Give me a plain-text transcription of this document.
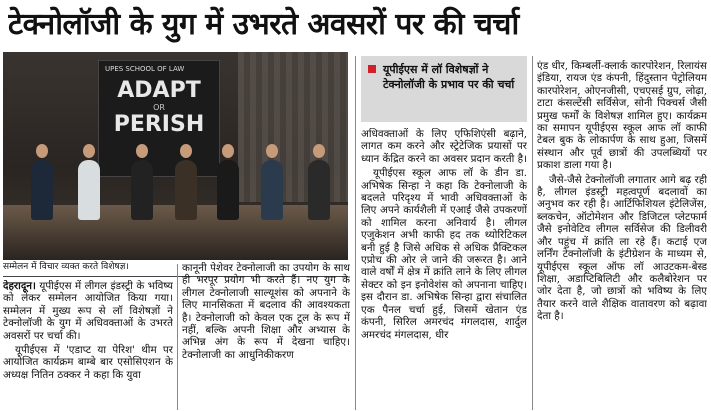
टेक्नोलॉजी के युग में उभरते अवसरों पर की चर्चा
UPES SCHOOL OF LAW
ADAPT
OR
PERISH
सम्मेलन में विचार व्यक्त करते विशेषज्ञ।

देहरादून। यूपीईएस में लीगल इंडस्ट्री के भविष्य को लेकर सम्मेलन आयोजित किया गया। सम्मेलन में मुख्य रूप से लॉ विशेषज्ञों ने टेक्नोलॉजी के युग में अधिवक्ताओं के उभरते अवसरों पर चर्चा की।

यूपीईएस में 'एडाप्ट या पेरिश' थीम पर आयोजित कार्यक्रम बाम्बे बार एसोसिएशन के अध्यक्ष नितिन ठक्कर ने कहा कि युवा

कानूनी पेशेवर टेक्नोलाजी का उपयोग के साथ ही भरपूर प्रयोग भी करते हैं। नए युग के लीगल टेक्नोलाजी साल्यूशंस को अपनाने के लिए मानसिकता में बदलाव की आवश्यकता है। टेक्नोलाजी को केवल एक टूल के रूप में नहीं, बल्कि अपनी शिक्षा और अभ्यास के अभिन्न अंग के रूप में देखना चाहिए। टेक्नोलाजी का आधुनिकीकरण

यूपीईएस में लॉ विशेषज्ञों ने टेक्नोलॉजी के प्रभाव पर की चर्चा

अधिवक्ताओं के लिए एफिशिएंसी बढ़ाने, लागत कम करने और स्ट्रेटेजिक प्रयासों पर ध्यान केंद्रित करने का अवसर प्रदान करती है।

यूपीईएस स्कूल आफ लॉ के डीन डा. अभिषेक सिन्हा ने कहा कि टेक्नोलाजी के बदलते परिदृश्य में भावी अधिवक्ताओं के लिए अपने कार्यशैली में एआई जैसे उपकरणों को शामिल करना अनिवार्य है। लीगल एजुकेशन अभी काफी हद तक थ्योरिटिकल बनी हुई है जिसे अधिक से अधिक प्रैक्टिकल एप्रोच की ओर ले जाने की जरूरत है। आने वाले वर्षों में क्षेत्र में क्रांति लाने के लिए लीगल सेक्टर को इन इनोवेशंस को अपनाना चाहिए। इस दौरान डा. अभिषेक सिन्हा द्वारा संचालित एक पैनल चर्चा हुई, जिसमें खेतान एंड कंपनी, सिरिल अमरचंद मंगलदास, शार्दुल अमरचंद मंगलदास, धीर

एंड धीर, किम्बर्ली-क्लार्क कारपोरेशन, रिलायंस इंडिया, रायज एंड कंपनी, हिंदुस्तान पेट्रोलियम कारपोरेशन, ओएनजीसी, एचएसई ग्रुप, लोढ़ा, टाटा कंसल्टेंसी सर्विसेज, सोनी पिक्चर्स जैसी प्रमुख फर्मों के विशेषज्ञ शामिल हुए। कार्यक्रम का समापन यूपीईएस स्कूल आफ लॉ काफी टेबल बुक के लोकार्पण के साथ हुआ, जिसमें संस्थान और पूर्व छात्रों की उपलब्धियों पर प्रकाश डाला गया है।

जैसे-जैसे टेक्नोलॉजी लगातार आगे बढ़ रही है, लीगल इंडस्ट्री महत्वपूर्ण बदलावों का अनुभव कर रही है। आर्टिफिशियल इंटेलिजेंस, ब्लकचेन, ऑटोमेशन और डिजिटल प्लेटफार्म जैसे इनोवेटिव लीगल सर्विसेज की डिलीवरी और पहुंच में क्रांति ला रहे हैं। कटाई एज लर्निंग टेक्नोलॉजी के इंटीग्रेशन के माध्यम से, यूपीईएस स्कूल ऑफ लॉ आउटकम-बेस्ड शिक्षा, अडाप्टिबिलिटी और कलैबोरेशन पर जोर देता है, जो छात्रों को भविष्य के लिए तैयार करने वाले शैक्षिक वातावरण को बढ़ावा देता है।
